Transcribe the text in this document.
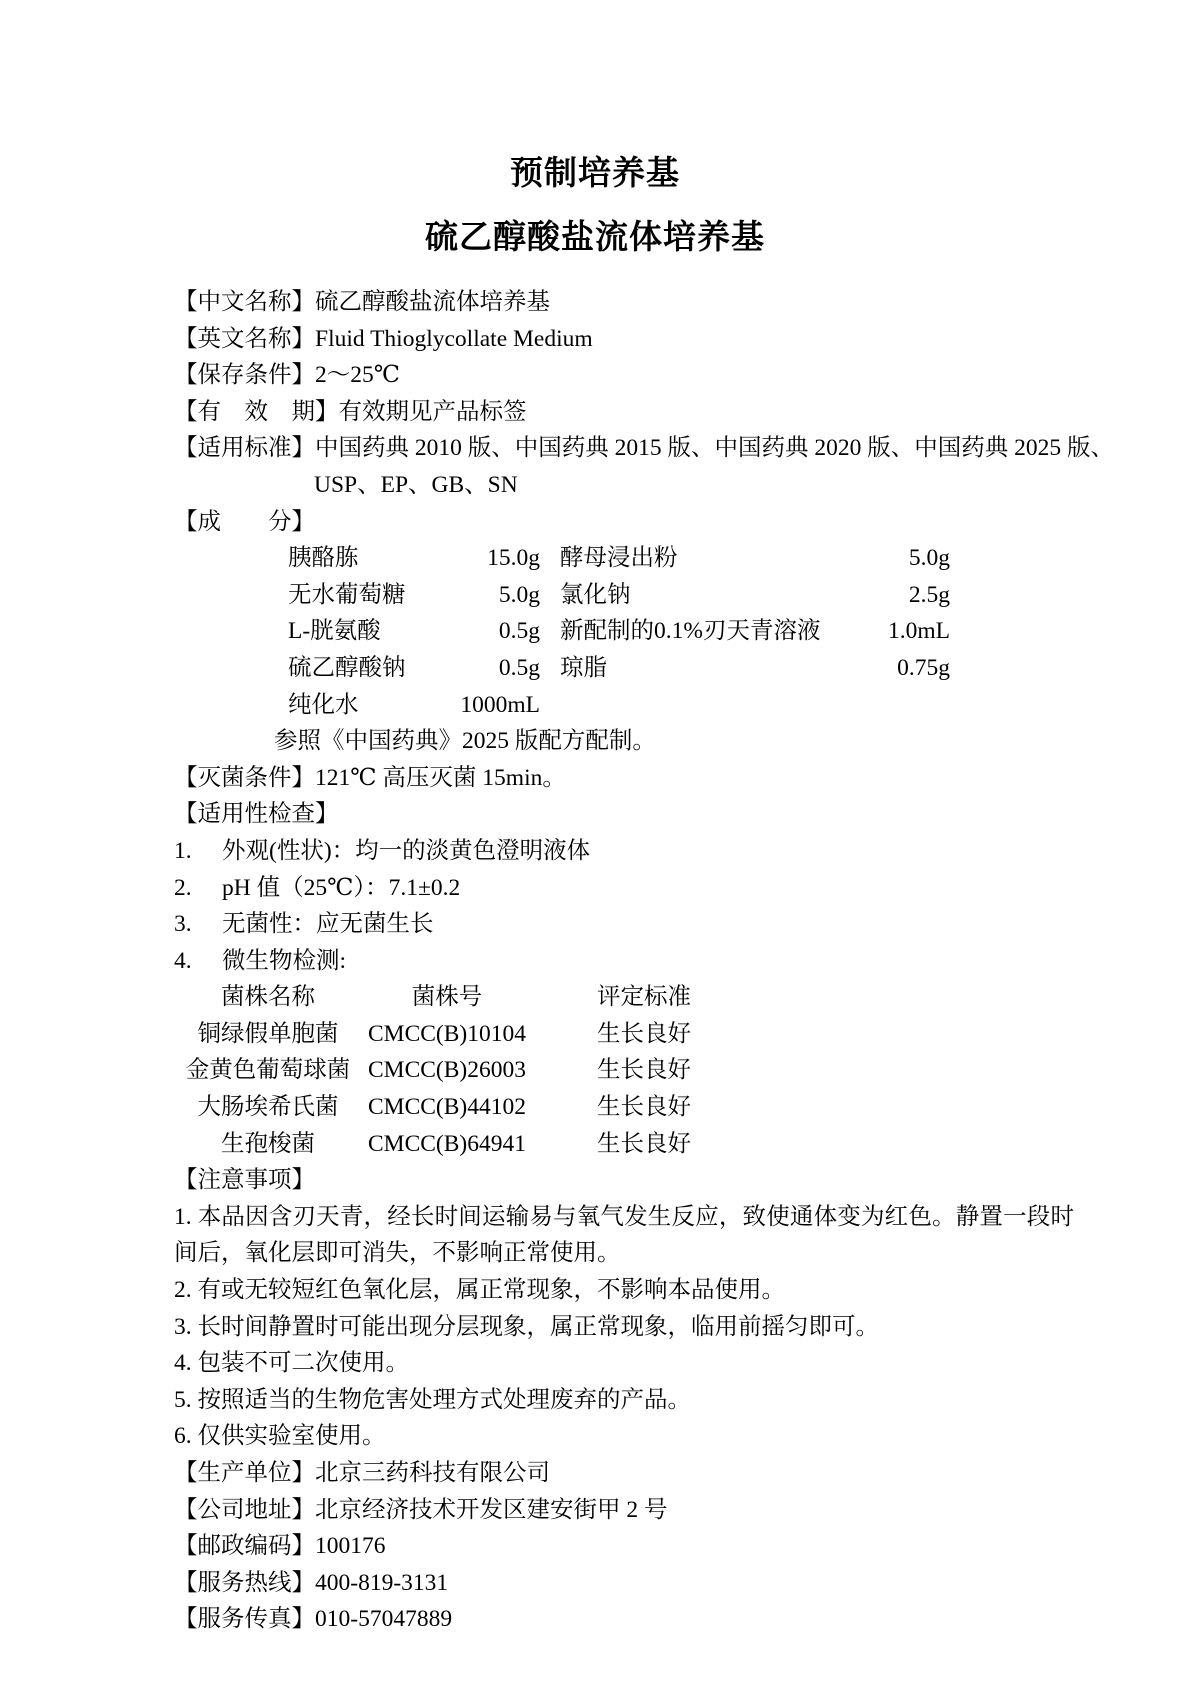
预制培养基
硫乙醇酸盐流体培养基
【中文名称】硫乙醇酸盐流体培养基
【英文名称】Fluid Thioglycollate Medium
【保存条件】2～25℃
【有　效　期】有效期见产品标签
【适用标准】中国药典 2010 版、中国药典 2015 版、中国药典 2020 版、中国药典 2025 版、
USP、EP、GB、SN
【成　　分】
胰酪胨	15.0g 酵母浸出粉	5.0g
无水葡萄糖	5.0g 氯化钠	2.5g
L-胱氨酸	0.5g 新配制的0.1%刃天青溶液	1.0mL
硫乙醇酸钠	0.5g 琼脂	0.75g
纯化水	1000mL
参照《中国药典》2025 版配方配制。
【灭菌条件】121℃ 高压灭菌 15min。
【适用性检查】
1. 外观(性状)：均一的淡黄色澄明液体
2. pH 值（25℃）：7.1±0.2
3. 无菌性：应无菌生长
4. 微生物检测:
菌株名称	菌株号	评定标准
铜绿假单胞菌	CMCC(B)10104	生长良好
金黄色葡萄球菌 CMCC(B)26003	生长良好
大肠埃希氏菌	CMCC(B)44102	生长良好
生孢梭菌	CMCC(B)64941	生长良好
【注意事项】
1. 本品因含刃天青，经长时间运输易与氧气发生反应，致使通体变为红色。静置一段时间后，氧化层即可消失，不影响正常使用。
2. 有或无较短红色氧化层，属正常现象，不影响本品使用。
3. 长时间静置时可能出现分层现象，属正常现象，临用前摇匀即可。
4. 包装不可二次使用。
5. 按照适当的生物危害处理方式处理废弃的产品。
6. 仅供实验室使用。
【生产单位】北京三药科技有限公司
【公司地址】北京经济技术开发区建安街甲 2 号
【邮政编码】100176
【服务热线】400-819-3131
【服务传真】010-57047889
